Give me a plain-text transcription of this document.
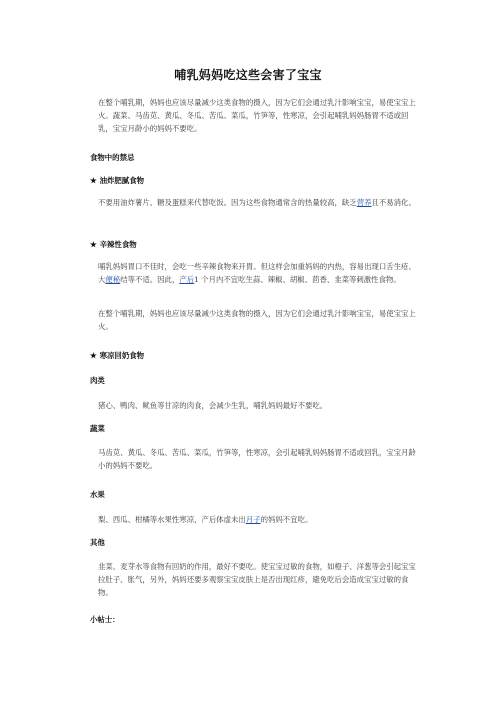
哺乳妈妈吃这些会害了宝宝

在整个哺乳期，妈妈也应该尽量减少这类食物的摄入，因为它们会通过乳汁影响宝宝，易使宝宝上火。蔬菜、马齿苋、黄瓜、冬瓜、苦瓜、菜瓜，竹笋等，性寒凉，会引起哺乳妈妈肠胃不适或回乳，宝宝月龄小的妈妈不要吃。

食物中的禁忌

★ 油炸肥腻食物

不要用油炸薯片、糖及蛋糕来代替吃饭。因为这些食物通常含的热量较高，缺乏营养且不易消化。

★ 辛辣性食物

哺乳妈妈胃口不佳时，会吃一些辛辣食物来开胃。但这样会加重妈妈的内热，容易出现口舌生疮、大便秘结等不适。因此，产后1 个月内不宜吃生蒜、辣椒、胡椒、茴香、韭菜等刺激性食物。

在整个哺乳期，妈妈也应该尽量减少这类食物的摄入，因为它们会通过乳汁影响宝宝，易使宝宝上火。

★ 寒凉回奶食物

肉类

猪心、鸭肉、鱿鱼等甘凉的肉食，会减少生乳，哺乳妈妈最好不要吃。

蔬菜

马齿苋、黄瓜、冬瓜、苦瓜、菜瓜，竹笋等，性寒凉，会引起哺乳妈妈肠胃不适或回乳，宝宝月龄小的妈妈不要吃。

水果

梨、西瓜、柑橘等水果性寒凉，产后体虚未出月子的妈妈不宜吃。

其他

韭菜、麦芽水等食物有回奶的作用，最好不要吃。使宝宝过敏的食物，如橙子、洋葱等会引起宝宝拉肚子、胀气，另外，妈妈还要多观察宝宝皮肤上是否出现红疹，避免吃后会造成宝宝过敏的食物。

小帖士：
